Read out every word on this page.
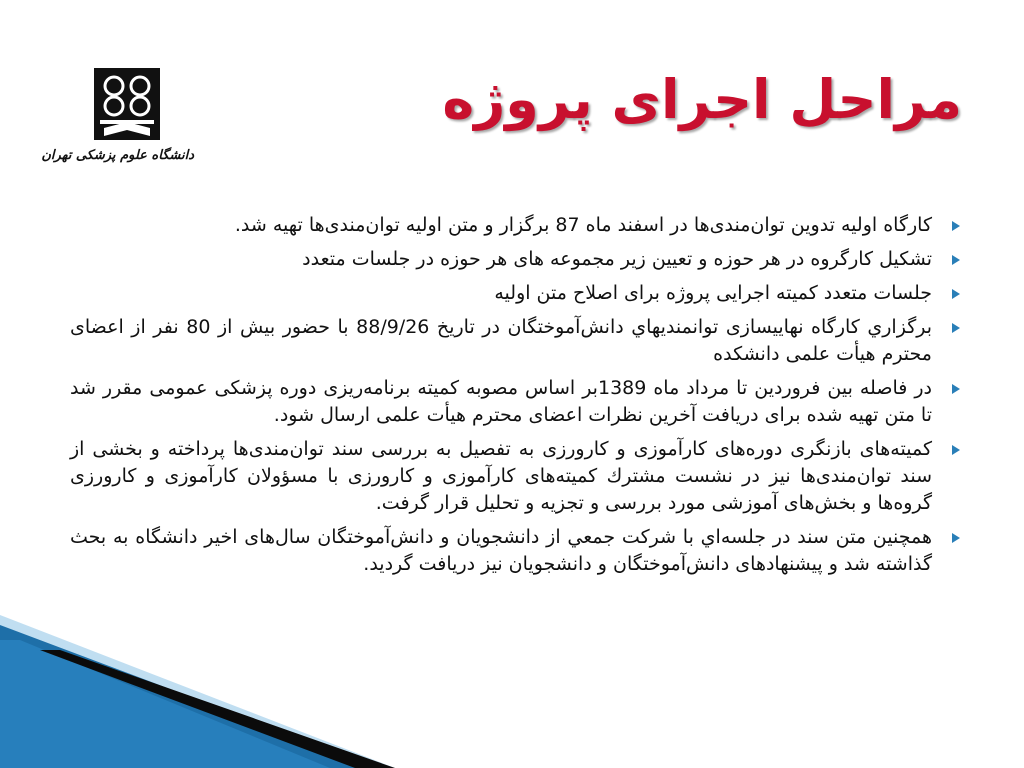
دانشگاه علوم پزشکی تهران
مراحل اجرای پروژه
کارگاه اولیه تدوین توان‌مندی‌ها در اسفند ماه 87 برگزار و متن اولیه توان‌مندی‌ها تهیه شد.
تشکیل کارگروه در هر حوزه و تعیین زیر مجموعه های هر حوزه در جلسات متعدد
جلسات متعدد کمیته اجرایی پروژه برای اصلاح متن اولیه
برگزاري كارگاه نهاييسازی توانمنديهاي دانش‌آموختگان در تاريخ 88/9/26 با حضور بیش از 80 نفر از اعضای محترم هیأت علمی دانشکده
در فاصله بين فروردين تا مرداد ماه 1389بر اساس مصوبه كميته برنامه‌ريزی دوره پزشكی عمومی مقرر شد تا متن تهيه شده برای دريافت آخرين نظرات اعضای محترم هيأت علمی ارسال شود.
كميته‌های بازنگری دوره‌های كارآموزی و كارورزی به تفصيل به بررسی سند توان‌مندی‌ها پرداخته و بخشی از سند توان‌مندی‌ها نيز در نشست مشترك كميته‌های كارآموزی و كارورزی با مسؤولان كارآموزی و كارورزی گروه‌ها و بخش‌های آموزشی مورد بررسی و تجزيه و تحليل قرار گرفت.
همچنين متن سند در جلسه‌اي با شركت جمعي از دانشجويان و دانش‌آموختگان سال‌های اخير دانشگاه به بحث گذاشته شد و پيشنهادهای دانش‌آموختگان و دانشجويان نيز دريافت گرديد.
